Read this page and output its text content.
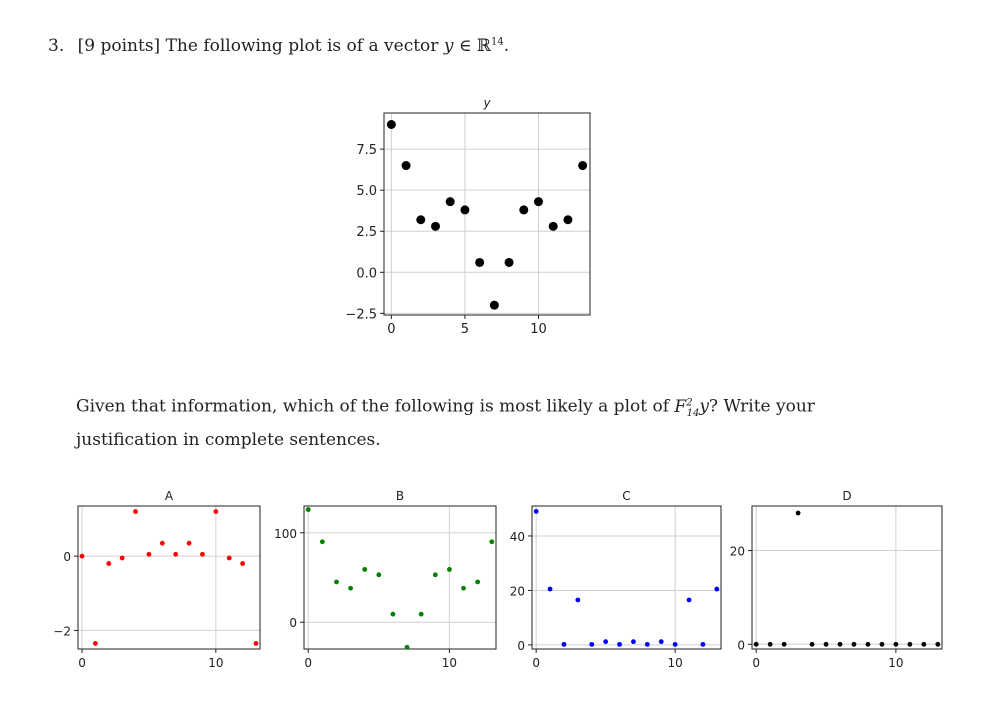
3. [9 points] The following plot is of a vector y ∈ ℝ$^{14}$.
0	5	10
−2.5
0.0
2.5
5.0
7.5
y
Given that information, which of the following is most likely a plot of $F^2_{14}y$? Write your justification in complete sentences.
0	10
−2
0
A
0	10
0
100
B
0	10
0
20
40
C
0	10
0
20
D
